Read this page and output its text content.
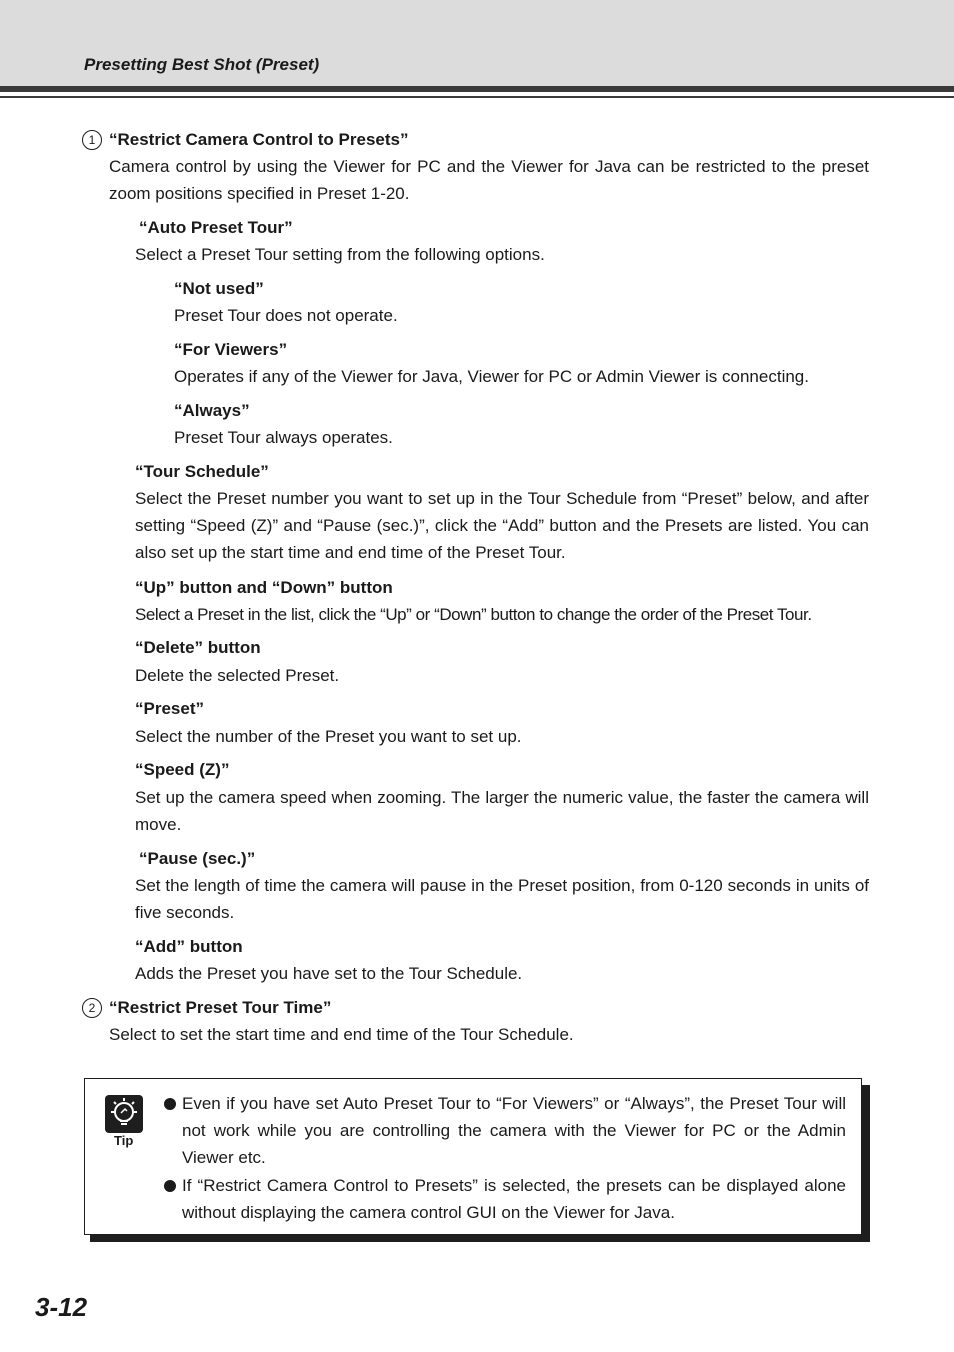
Presetting Best Shot (Preset)
1 “Restrict Camera Control to Presets”
Camera control by using the Viewer for PC and the Viewer for Java can be restricted to the preset zoom positions specified in Preset 1-20.
“Auto Preset Tour”
Select a Preset Tour setting from the following options.
“Not used”
Preset Tour does not operate.
“For Viewers”
Operates if any of the Viewer for Java, Viewer for PC or Admin Viewer is connecting.
“Always”
Preset Tour always operates.
“Tour Schedule”
Select the Preset number you want to set up in the Tour Schedule from “Preset” below, and after setting “Speed (Z)” and “Pause (sec.)”, click the “Add” button and the Presets are listed. You can also set up the start time and end time of the Preset Tour.
“Up” button and “Down” button
Select a Preset in the list, click the “Up” or “Down” button to change the order of the Preset Tour.
“Delete” button
Delete the selected Preset.
“Preset”
Select the number of the Preset you want to set up.
“Speed (Z)”
Set up the camera speed when zooming. The larger the numeric value, the faster the camera will move.
“Pause (sec.)”
Set the length of time the camera will pause in the Preset position, from 0-120 seconds in units of five seconds.
“Add” button
Adds the Preset you have set to the Tour Schedule.
2 “Restrict Preset Tour Time”
Select to set the start time and end time of the Tour Schedule.
Tip
Even if you have set Auto Preset Tour to “For Viewers” or “Always”, the Preset Tour will not work while you are controlling the camera with the Viewer for PC or the Admin Viewer etc.
If “Restrict Camera Control to Presets” is selected, the presets can be displayed alone without displaying the camera control GUI on the Viewer for Java.
3-12
